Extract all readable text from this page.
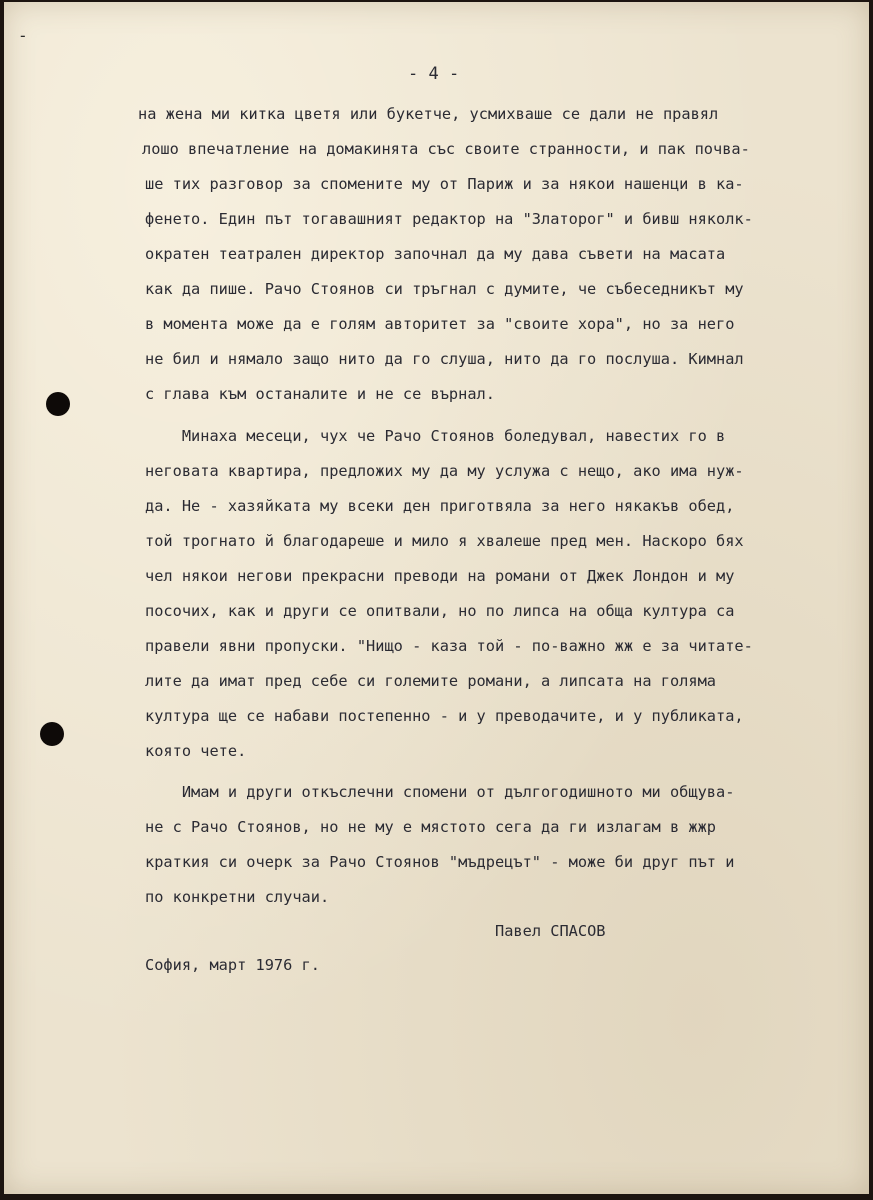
-
- 4 -
на жена ми китка цветя или букетче, усмихваше се дали не правял
лошо впечатление на домакинята със своите странности, и пак почва-
ше тих разговор за спомените му от Париж и за някои нашенци в ка-
фенето. Един път тогавашният редактор на "Златорог" и бивш няколк-
ократен театрален директор започнал да му дава съвети на масата
как да пише. Рачо Стоянов си тръгнал с думите, че събеседникът му
в момента може да е голям авторитет за "своите хора", но за него
не бил и нямало защо нито да го слуша, нито да го послуша. Кимнал
с глава към останалите и не се върнал.
Минаха месеци, чух че Рачо Стоянов боледувал, навестих го в
неговата квартира, предложих му да му услужа с нещо, ако има нуж-
да. Не - хазяйката му всеки ден приготвяла за него някакъв обед,
той трогнато й благодареше и мило я хвалеше пред мен. Наскоро бях
чел някои негови прекрасни преводи на романи от Джек Лондон и му
посочих, как и други се опитвали, но по липса на обща култура са
правели явни пропуски. "Нищо - каза той - по-важно жж е за читате-
лите да имат пред себе си големите романи, а липсата на голяма
култура ще се набави постепенно - и у преводачите, и у публиката,
която чете.
Имам и други откъслечни спомени от дългогодишното ми общува-
не с Рачо Стоянов, но не му е мястото сега да ги излагам в жжр
краткия си очерк за Рачо Стоянов "мъдрецът" - може би друг път и
по конкретни случаи.
Павел СПАСОВ
София, март 1976 г.
